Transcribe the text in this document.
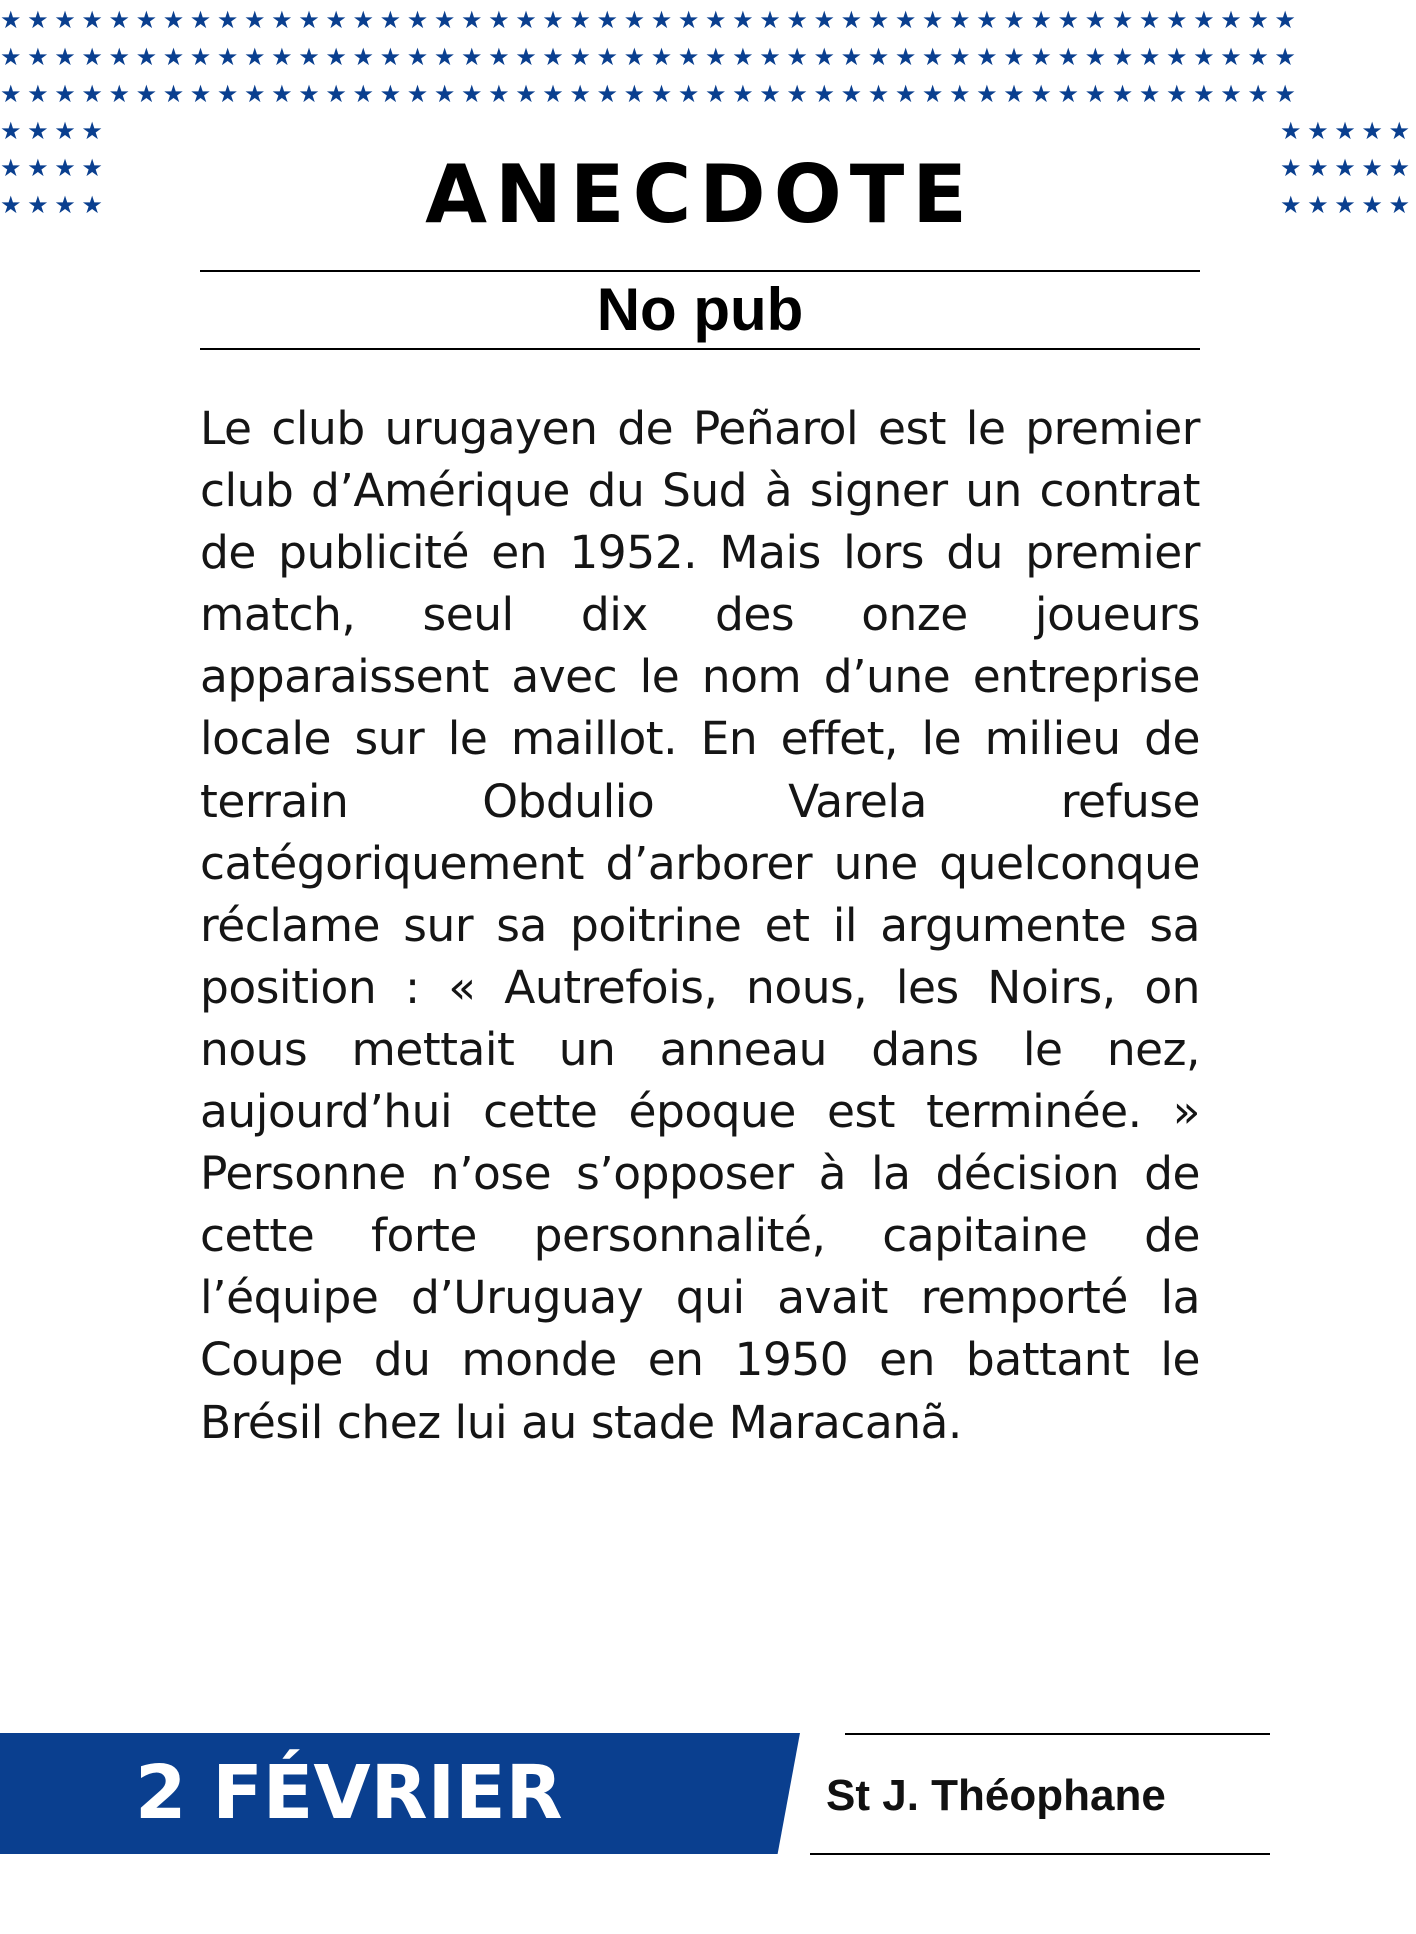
★★★★★★★★★★★★★★★★★★★★★★★★★★★★★★★★★★★★★★★★★★★★★★★★
★★★★★★★★★★★★★★★★★★★★★★★★★★★★★★★★★★★★★★★★★★★★★★★★
★★★★★★★★★★★★★★★★★★★★★★★★★★★★★★★★★★★★★★★★★★★★★★★★
★★★★
★★★★
★★★★
★★★★★
★★★★★
★★★★★
ANECDOTE
No pub

Le club urugayen de Peñarol est le premier club d’Amérique du Sud à signer un contrat de publicité en 1952. Mais lors du premier match, seul dix des onze joueurs apparaissent avec le nom d’une entreprise locale sur le maillot. En effet, le milieu de terrain Obdulio Varela refuse catégoriquement d’arborer une quelconque réclame sur sa poitrine et il argumente sa position : « Autrefois, nous, les Noirs, on nous mettait un anneau dans le nez, aujourd’hui cette époque est terminée. » Personne n’ose s’opposer à la décision de cette forte personnalité, capitaine de l’équipe d’Uruguay qui avait remporté la Coupe du monde en 1950 en battant le Brésil chez lui au stade Maracanã.

2 FÉVRIER	St J. Théophane
